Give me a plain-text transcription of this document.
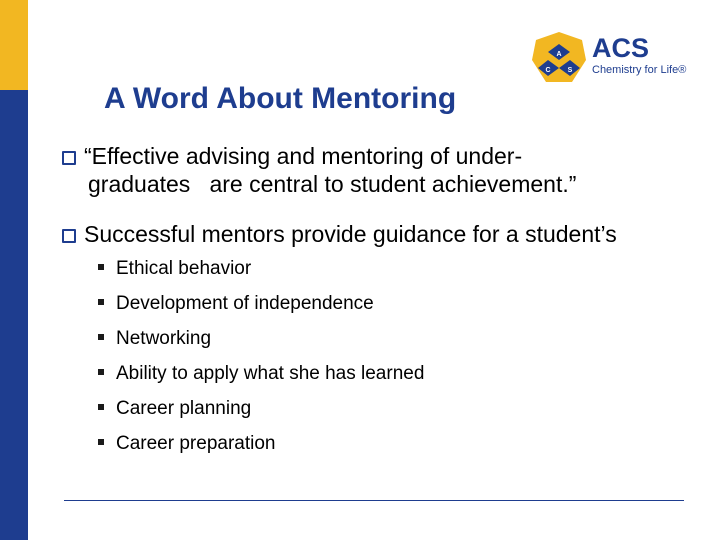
A
C S
ACS
Chemistry for Life®
A Word About Mentoring
“Effective advising and mentoring of under-
graduates   are central to student achievement.”
Successful mentors provide guidance for a student’s
Ethical behavior
Development of independence
Networking
Ability to apply what she has learned
Career planning
Career preparation
